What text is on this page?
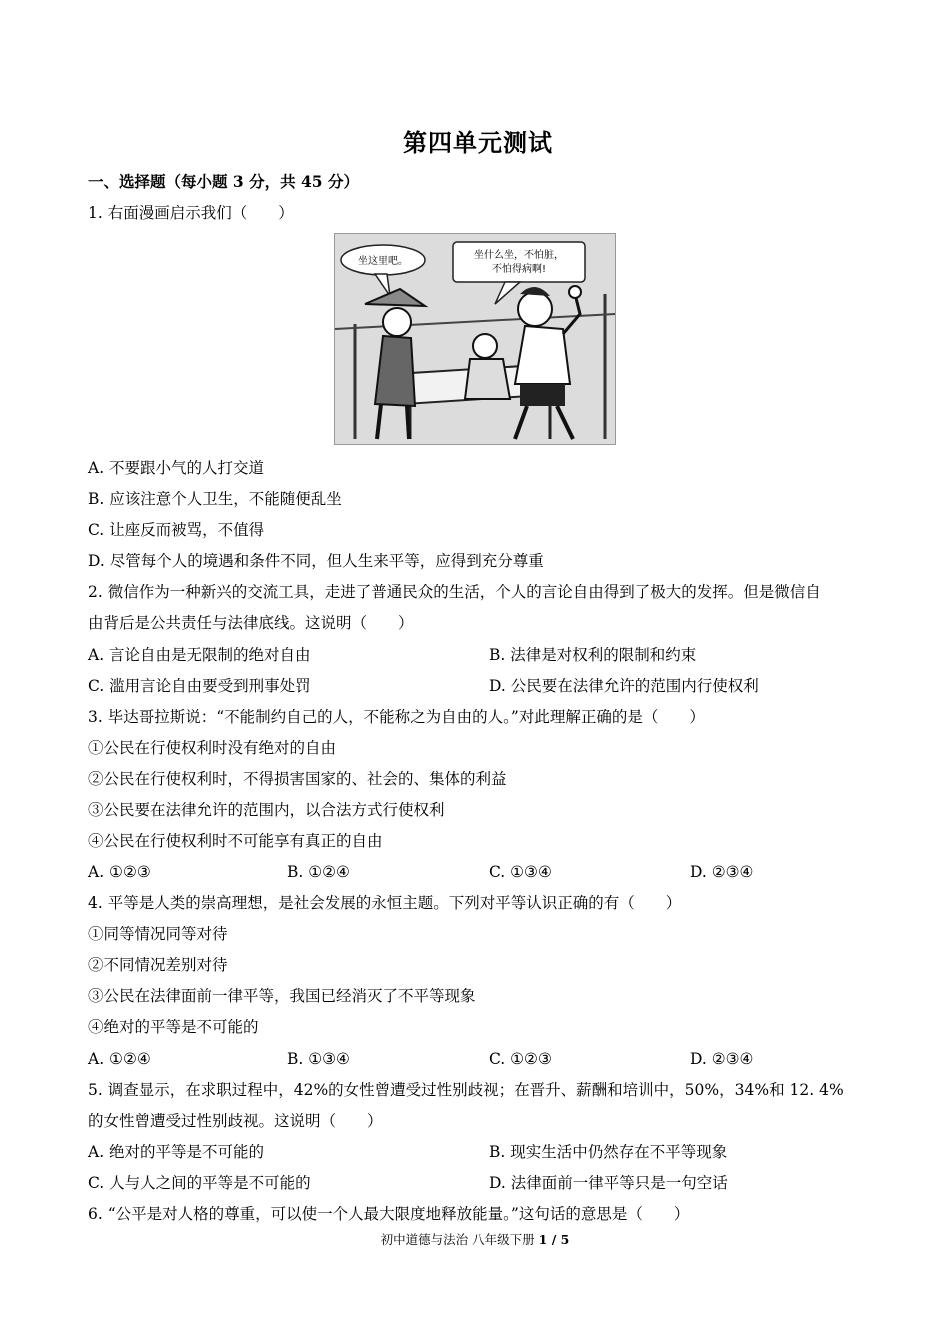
第四单元测试
一、选择题（每小题 3 分，共 45 分）
1. 右面漫画启示我们（　　）
坐这里吧。
坐什么坐，不怕脏，
不怕得病啊!
A. 不要跟小气的人打交道
B. 应该注意个人卫生，不能随便乱坐
C. 让座反而被骂，不值得
D. 尽管每个人的境遇和条件不同，但人生来平等，应得到充分尊重
2. 微信作为一种新兴的交流工具，走进了普通民众的生活，个人的言论自由得到了极大的发挥。但是微信自
由背后是公共责任与法律底线。这说明（　　）
A. 言论自由是无限制的绝对自由	B. 法律是对权利的限制和约束
C. 滥用言论自由要受到刑事处罚	D. 公民要在法律允许的范围内行使权利
3. 毕达哥拉斯说：“不能制约自己的人，不能称之为自由的人。”对此理解正确的是（　　）
①公民在行使权利时没有绝对的自由
②公民在行使权利时，不得损害国家的、社会的、集体的利益
③公民要在法律允许的范围内，以合法方式行使权利
④公民在行使权利时不可能享有真正的自由
A. ①②③	B. ①②④	C. ①③④	D. ②③④
4. 平等是人类的崇高理想，是社会发展的永恒主题。下列对平等认识正确的有（　　）
①同等情况同等对待
②不同情况差别对待
③公民在法律面前一律平等，我国已经消灭了不平等现象
④绝对的平等是不可能的
A. ①②④	B. ①③④	C. ①②③	D. ②③④
5. 调查显示，在求职过程中，42%的女性曾遭受过性别歧视；在晋升、薪酬和培训中，50%，34%和 12. 4%
的女性曾遭受过性别歧视。这说明（　　）
A. 绝对的平等是不可能的	B. 现实生活中仍然存在不平等现象
C. 人与人之间的平等是不可能的	D. 法律面前一律平等只是一句空话
6. “公平是对人格的尊重，可以使一个人最大限度地释放能量。”这句话的意思是（　　）
初中道德与法治 八年级下册 1 / 5
